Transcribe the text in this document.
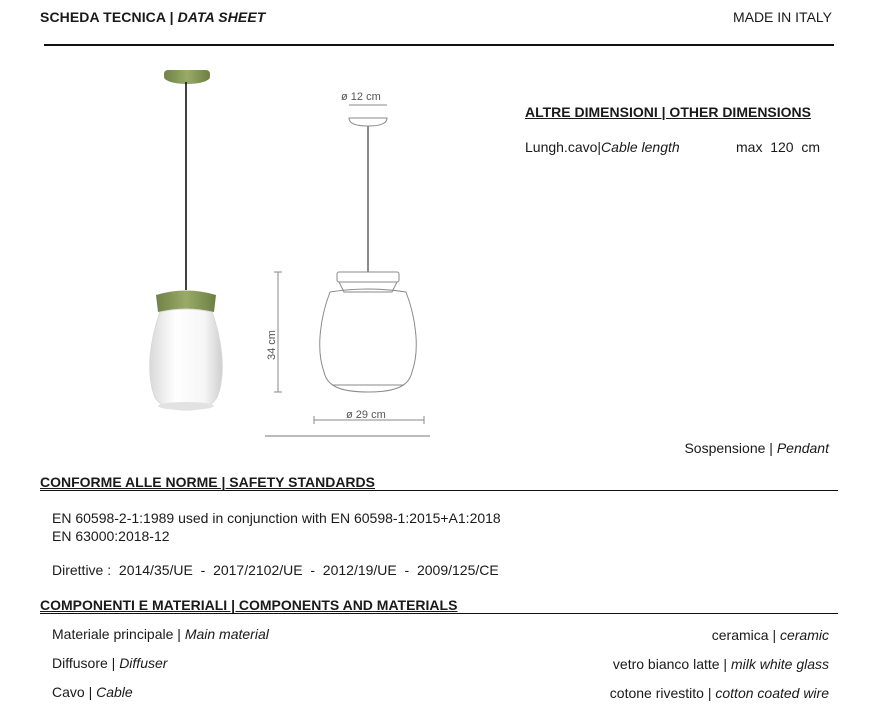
SCHEDA TECNICA | DATA SHEET	MADE IN ITALY
ø 12 cm
34 cm
ø 29 cm
ALTRE DIMENSIONI | OTHER DIMENSIONS
Lungh.cavo|Cable length	max  120  cm
Sospensione | Pendant
CONFORME ALLE NORME | SAFETY STANDARDS
EN 60598-2-1:1989 used in conjunction with EN 60598-1:2015+A1:2018
EN 63000:2018-12
Direttive :  2014/35/UE  -  2017/2102/UE  -  2012/19/UE  -  2009/125/CE
COMPONENTI E MATERIALI | COMPONENTS AND MATERIALS
Materiale principale | Main material	ceramica | ceramic
Diffusore | Diffuser	vetro bianco latte | milk white glass
Cavo | Cable	cotone rivestito | cotton coated wire
